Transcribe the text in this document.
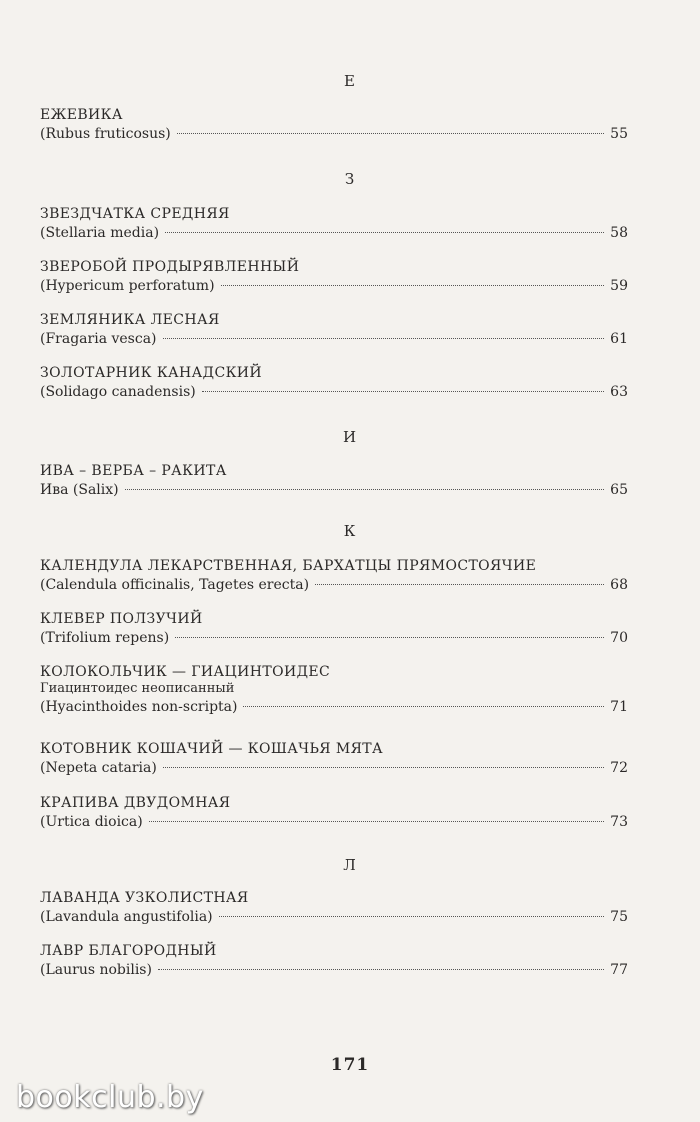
Е
ЕЖЕВИКА
(Rubus fruticosus)	55
З
ЗВЕЗДЧАТКА СРЕДНЯЯ
(Stellaria media)	58
ЗВЕРОБОЙ ПРОДЫРЯВЛЕННЫЙ
(Hypericum perforatum)	59
ЗЕМЛЯНИКА ЛЕСНАЯ
(Fragaria vesca)	61
ЗОЛОТАРНИК КАНАДСКИЙ
(Solidago canadensis)	63
И
ИВА – ВЕРБА – РАКИТА
Ива (Salix)	65
К
КАЛЕНДУЛА ЛЕКАРСТВЕННАЯ, БАРХАТЦЫ ПРЯМОСТОЯЧИЕ
(Calendula officinalis, Tagetes erecta)	68
КЛЕВЕР ПОЛЗУЧИЙ
(Trifolium repens)	70
КОЛОКОЛЬЧИК — ГИАЦИНТОИДЕС
Гиацинтоидес неописанный
(Hyacinthoides non-scripta)	71
КОТОВНИК КОШАЧИЙ — КОШАЧЬЯ МЯТА
(Nepeta cataria)	72
КРАПИВА ДВУДОМНАЯ
(Urtica dioica)	73
Л
ЛАВАНДА УЗКОЛИСТНАЯ
(Lavandula angustifolia)	75
ЛАВР БЛАГОРОДНЫЙ
(Laurus nobilis)	77
171
bookclub.by
